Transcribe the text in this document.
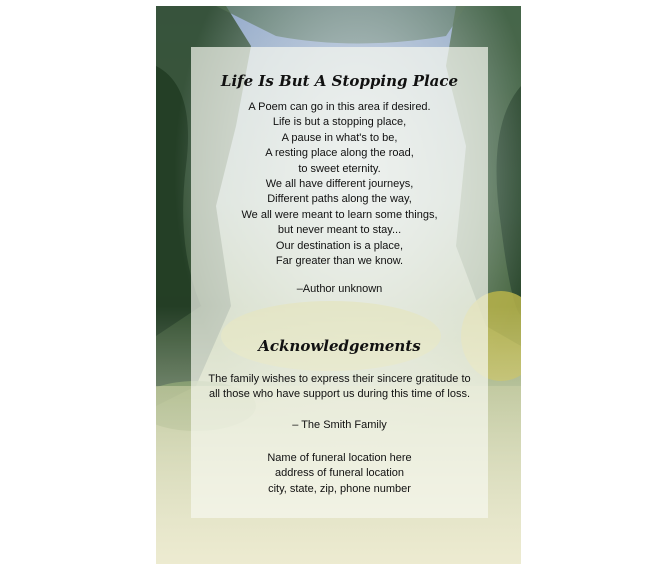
Life Is But A Stopping Place
A Poem can go in this area if desired.
Life is but a stopping place,
A pause in what's to be,
A resting place along the road,
to sweet eternity.
We all have different journeys,
Different paths along the way,
We all were meant to learn some things,
but never meant to stay...
Our destination is a place,
Far greater than we know.
–Author unknown
Acknowledgements
The family wishes to express their sincere gratitude to
all those who have support us during this time of loss.
– The Smith Family
Name of funeral location here
address of funeral location
city, state, zip, phone number
